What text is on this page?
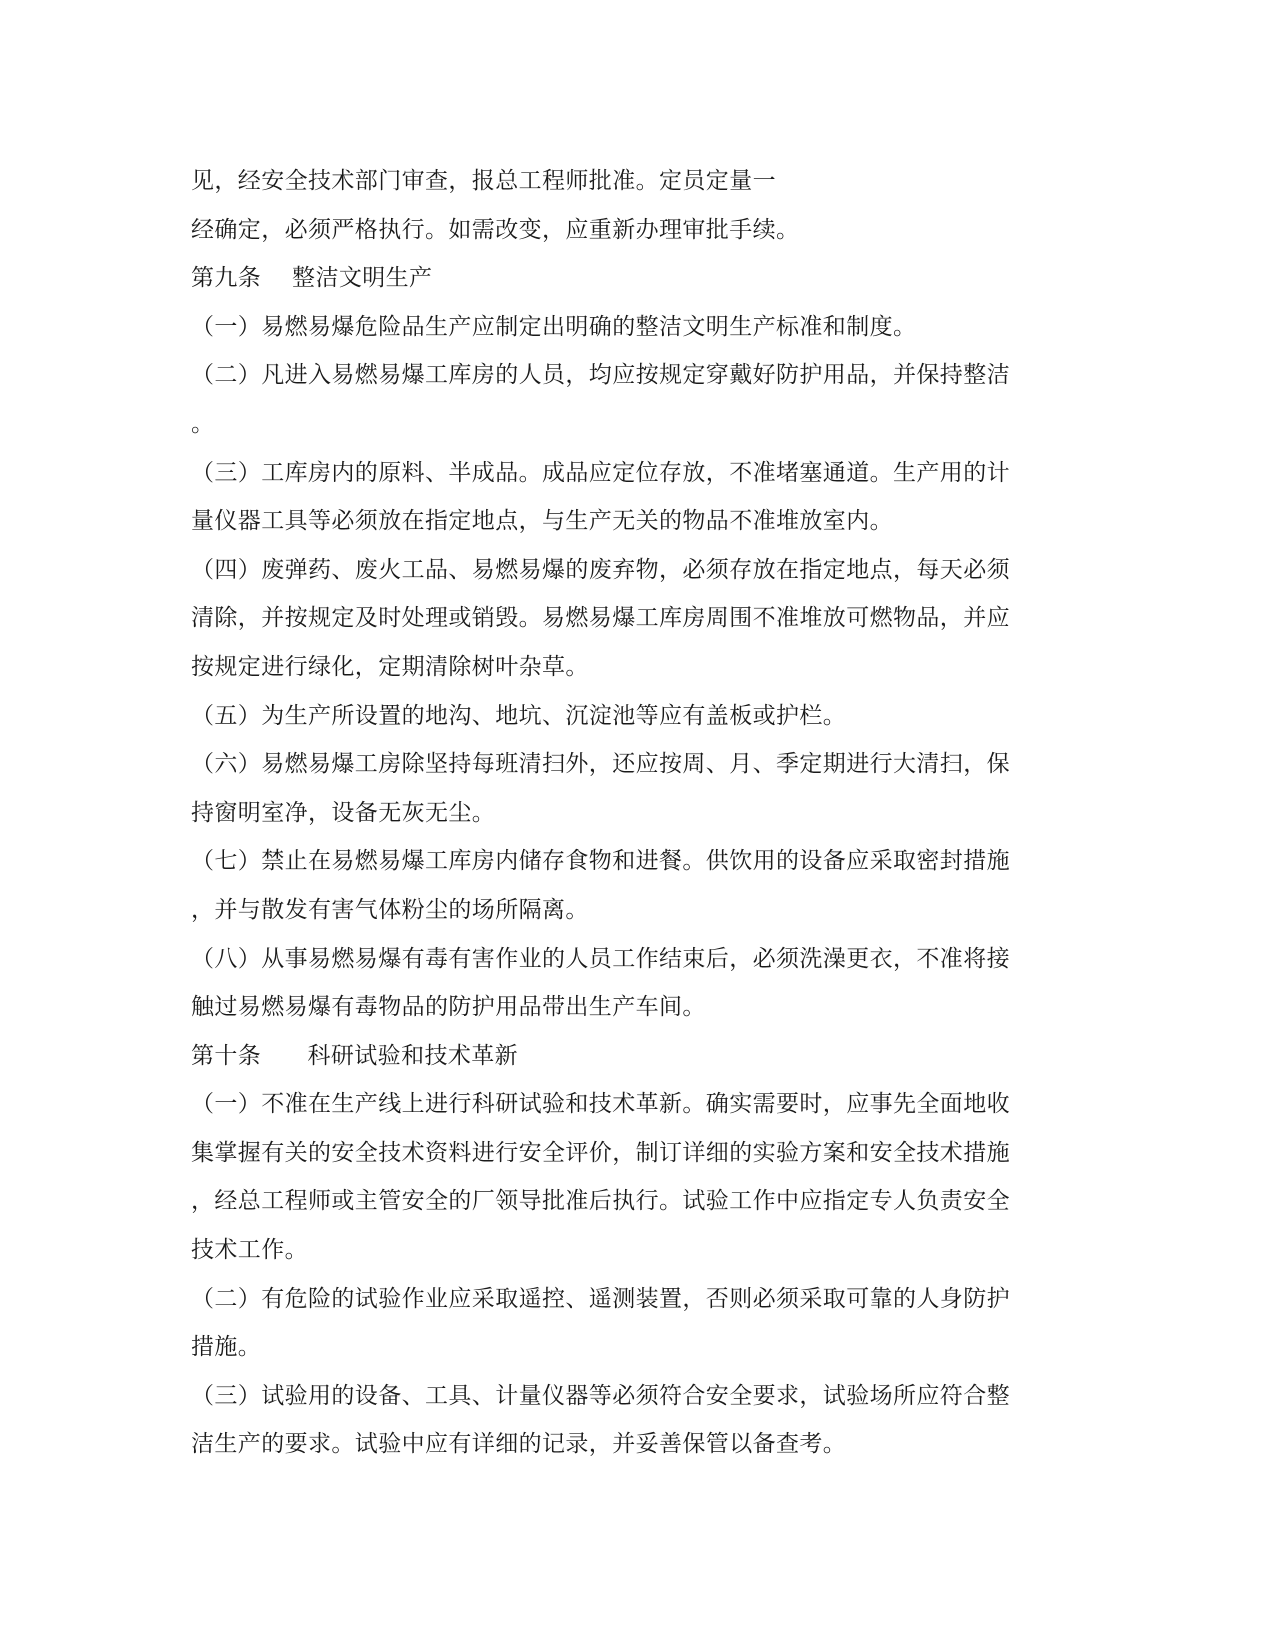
见，经安全技术部门审查，报总工程师批准。定员定量一
经确定，必须严格执行。如需改变，应重新办理审批手续。
第九条    整洁文明生产
（一）易燃易爆危险品生产应制定出明确的整洁文明生产标准和制度。
（二）凡进入易燃易爆工库房的人员，均应按规定穿戴好防护用品，并保持整洁
。
（三）工库房内的原料、半成品。成品应定位存放，不准堵塞通道。生产用的计
量仪器工具等必须放在指定地点，与生产无关的物品不准堆放室内。
（四）废弹药、废火工品、易燃易爆的废弃物，必须存放在指定地点，每天必须
清除，并按规定及时处理或销毁。易燃易爆工库房周围不准堆放可燃物品，并应
按规定进行绿化，定期清除树叶杂草。
（五）为生产所设置的地沟、地坑、沉淀池等应有盖板或护栏。
（六）易燃易爆工房除坚持每班清扫外，还应按周、月、季定期进行大清扫，保
持窗明室净，设备无灰无尘。
（七）禁止在易燃易爆工库房内储存食物和进餐。供饮用的设备应采取密封措施
，并与散发有害气体粉尘的场所隔离。
（八）从事易燃易爆有毒有害作业的人员工作结束后，必须洗澡更衣，不准将接
触过易燃易爆有毒物品的防护用品带出生产车间。
第十条      科研试验和技术革新
（一）不准在生产线上进行科研试验和技术革新。确实需要时，应事先全面地收
集掌握有关的安全技术资料进行安全评价，制订详细的实验方案和安全技术措施
，经总工程师或主管安全的厂领导批准后执行。试验工作中应指定专人负责安全
技术工作。
（二）有危险的试验作业应采取遥控、遥测装置，否则必须采取可靠的人身防护
措施。
（三）试验用的设备、工具、计量仪器等必须符合安全要求，试验场所应符合整
洁生产的要求。试验中应有详细的记录，并妥善保管以备查考。
